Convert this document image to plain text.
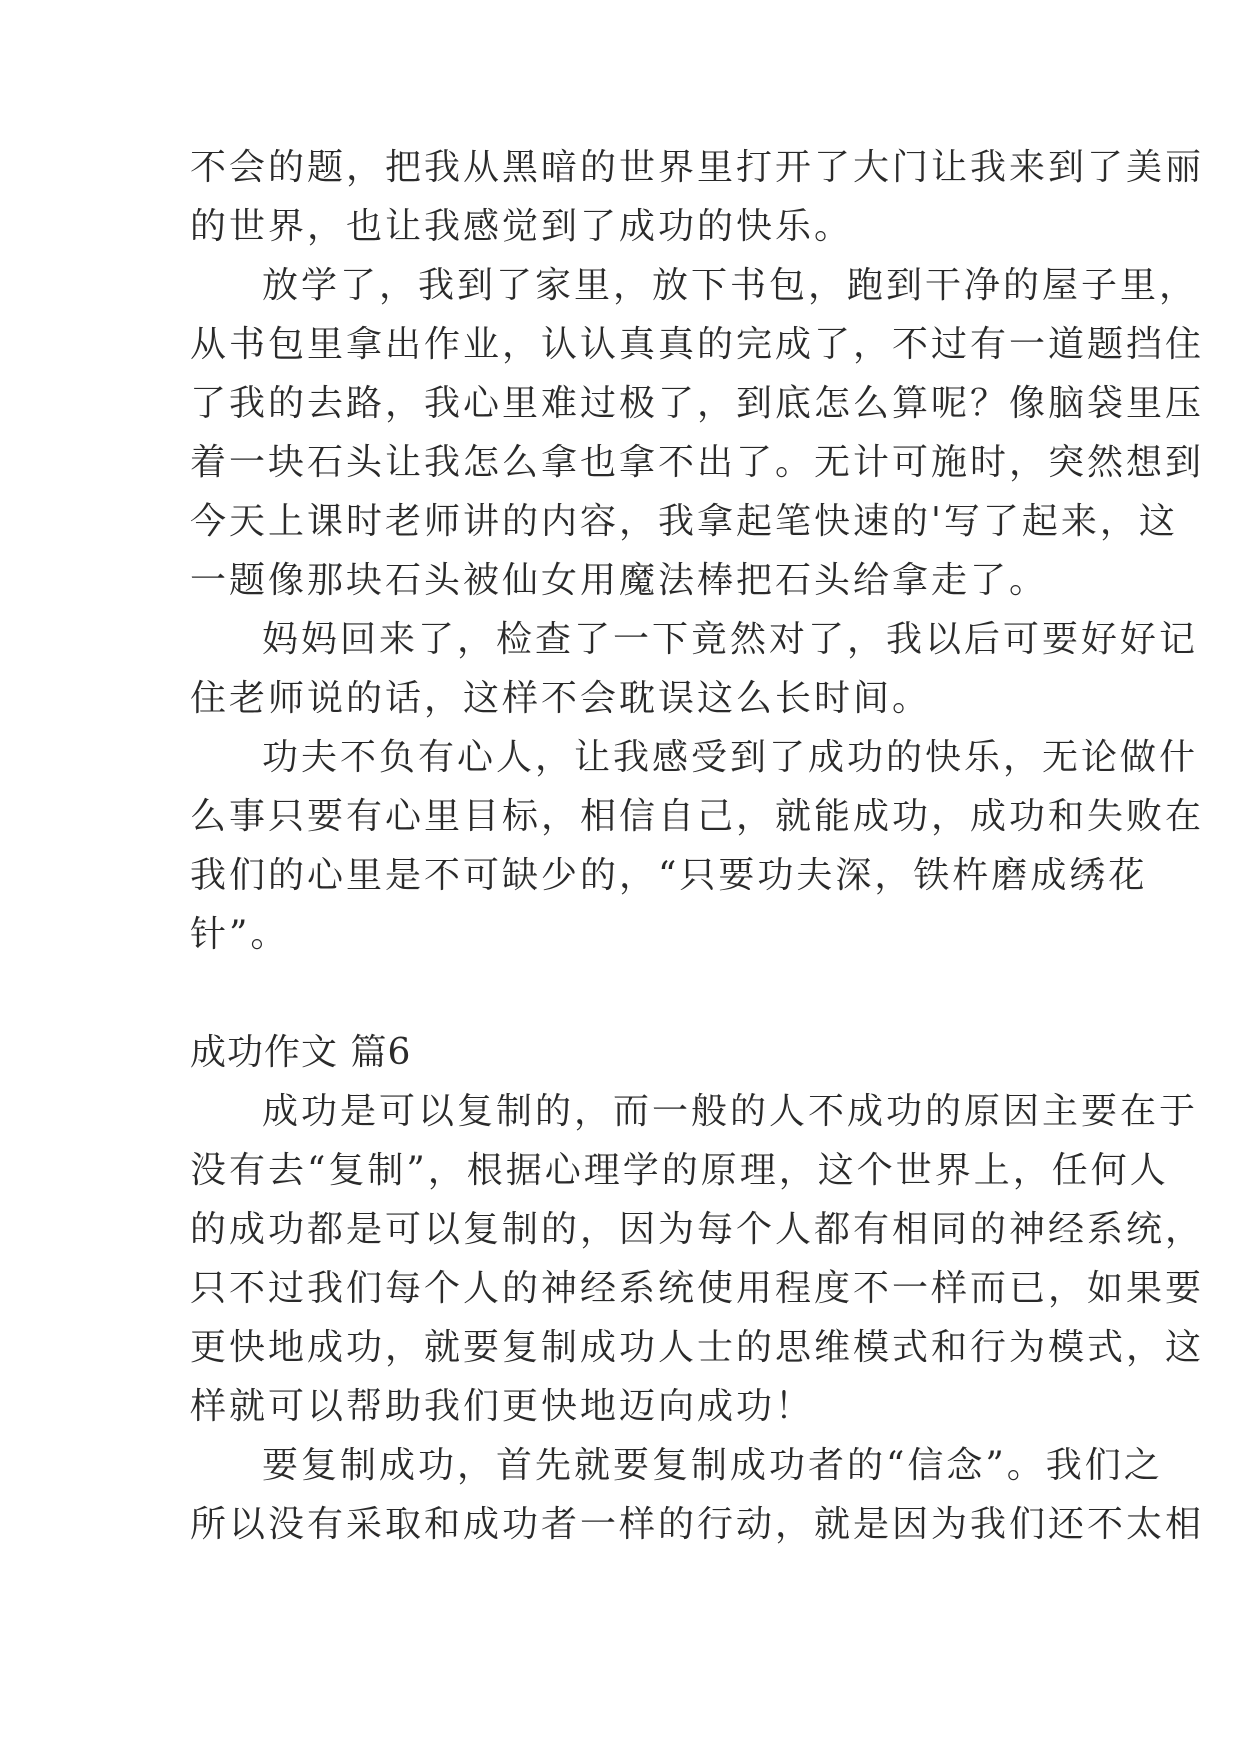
不会的题，把我从黑暗的世界里打开了大门让我来到了美丽
的世界，也让我感觉到了成功的快乐。
放学了，我到了家里，放下书包，跑到干净的屋子里，
从书包里拿出作业，认认真真的完成了，不过有一道题挡住
了我的去路，我心里难过极了，到底怎么算呢？像脑袋里压
着一块石头让我怎么拿也拿不出了。无计可施时，突然想到
今天上课时老师讲的内容，我拿起笔快速的'写了起来，这
一题像那块石头被仙女用魔法棒把石头给拿走了。
妈妈回来了，检查了一下竟然对了，我以后可要好好记
住老师说的话，这样不会耽误这么长时间。
功夫不负有心人，让我感受到了成功的快乐，无论做什
么事只要有心里目标，相信自己，就能成功，成功和失败在
我们的心里是不可缺少的，“只要功夫深，铁杵磨成绣花
针”。
成功作文 篇6
成功是可以复制的，而一般的人不成功的原因主要在于
没有去“复制”，根据心理学的原理，这个世界上，任何人
的成功都是可以复制的，因为每个人都有相同的神经系统，
只不过我们每个人的神经系统使用程度不一样而已，如果要
更快地成功，就要复制成功人士的思维模式和行为模式，这
样就可以帮助我们更快地迈向成功！
要复制成功，首先就要复制成功者的“信念”。我们之
所以没有采取和成功者一样的行动，就是因为我们还不太相
